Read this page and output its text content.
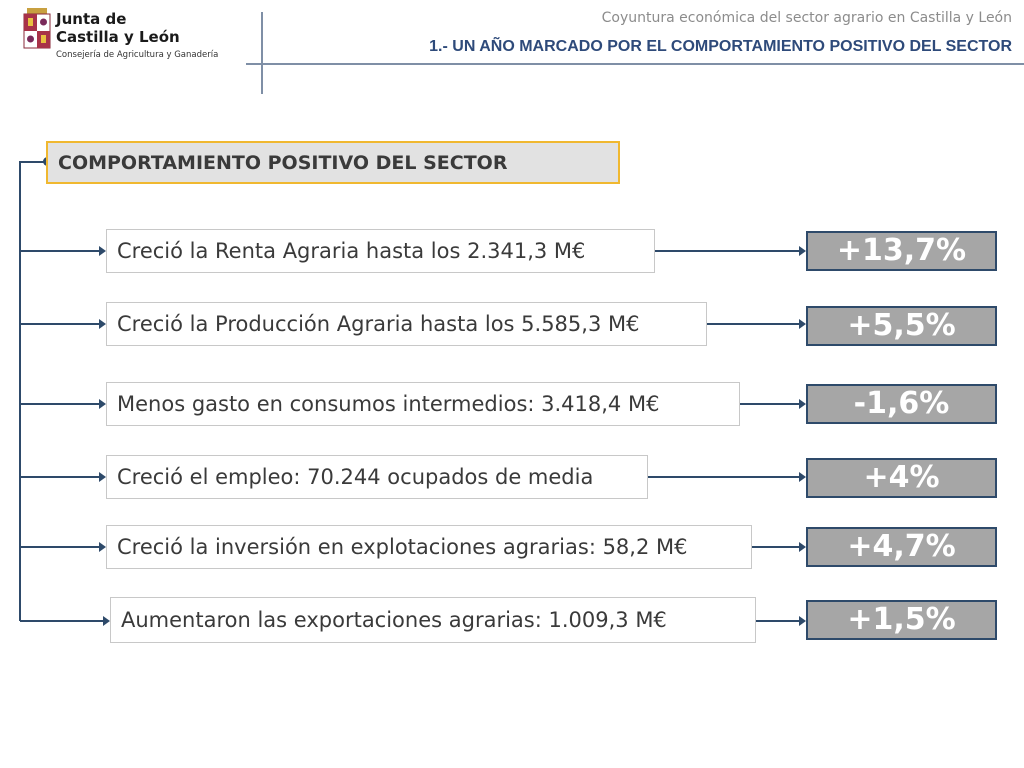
Junta de
Castilla y León
Consejería de Agricultura y Ganadería
Coyuntura económica del sector agrario en Castilla y León
1.- UN AÑO MARCADO POR EL COMPORTAMIENTO POSITIVO DEL SECTOR
COMPORTAMIENTO POSITIVO DEL SECTOR
Creció la Renta Agraria hasta los 2.341,3 M€	+13,7%
Creció la Producción Agraria hasta los 5.585,3 M€	+5,5%
Menos gasto en consumos intermedios: 3.418,4 M€	-1,6%
Creció el empleo: 70.244 ocupados de media	+4%
Creció la inversión en explotaciones agrarias: 58,2 M€	+4,7%
Aumentaron las exportaciones agrarias: 1.009,3 M€	+1,5%
